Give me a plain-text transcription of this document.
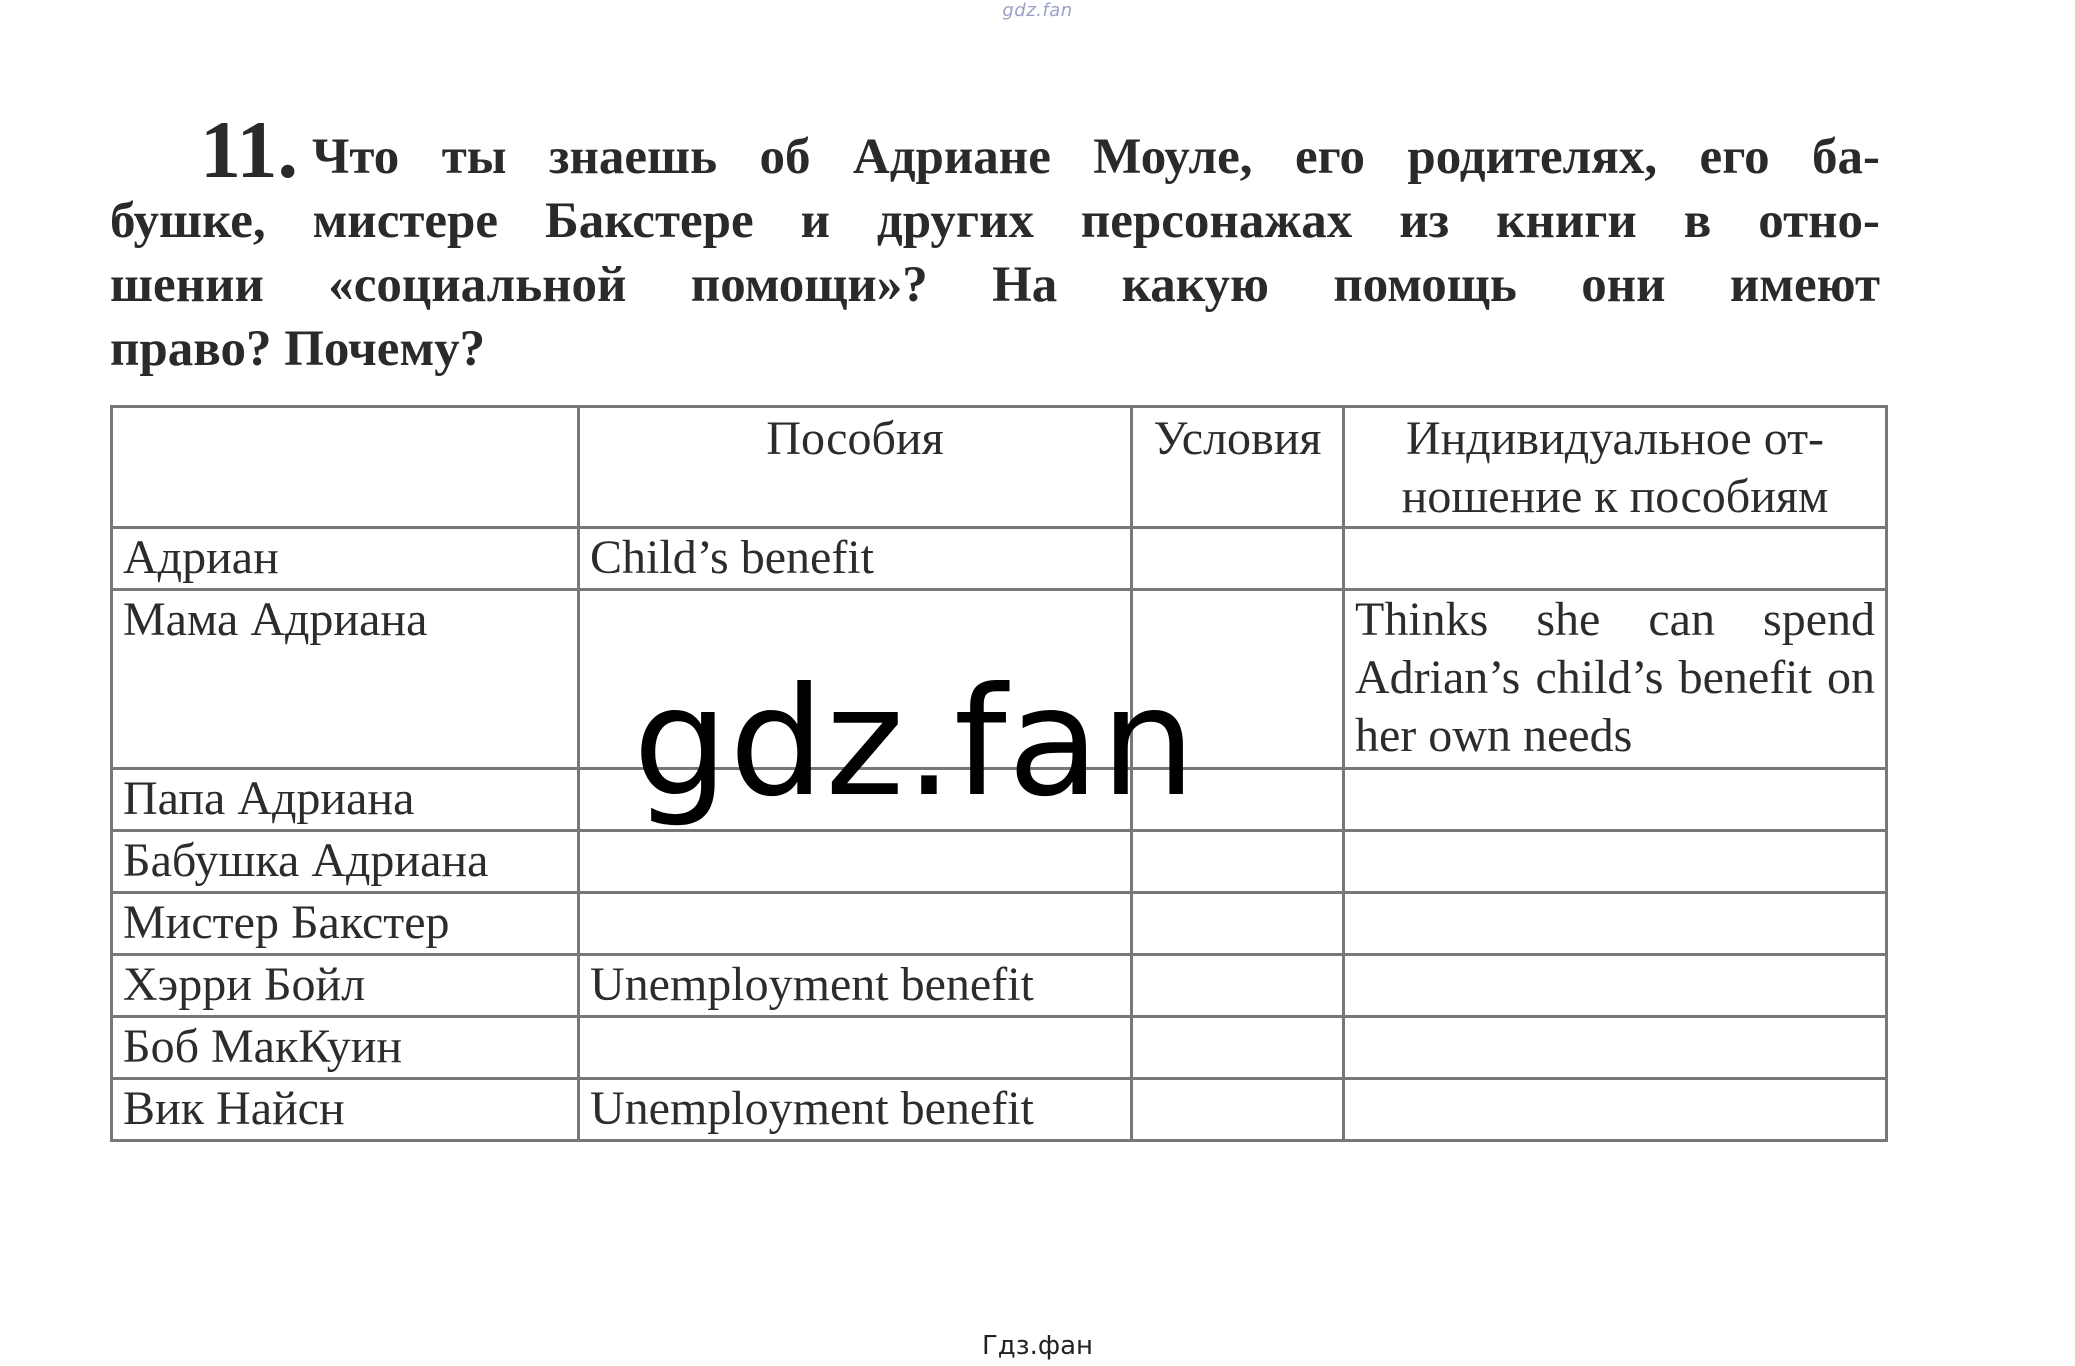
gdz.fan
11. Что ты знаешь об Адриане Моуле, его родителях, его ба-
бушке, мистере Бакстере и других персонажах из книги в отно-
шении «социальной помощи»? На какую помощь они имеют
право? Почему?
	Пособия	Условия	Индивидуальное от-
ношение к пособиям
Адриан	Child’s benefit		
Мама Адриана			Thinks she can spend Adrian’s child’s benefit on her own needs
Папа Адриана			
Бабушка Адриана			
Мистер Бакстер			
Хэрри Бойл	Unemployment benefit		
Боб МакКуин			
Вик Найсн	Unemployment benefit		
gdz.fan
Гдз.фан
